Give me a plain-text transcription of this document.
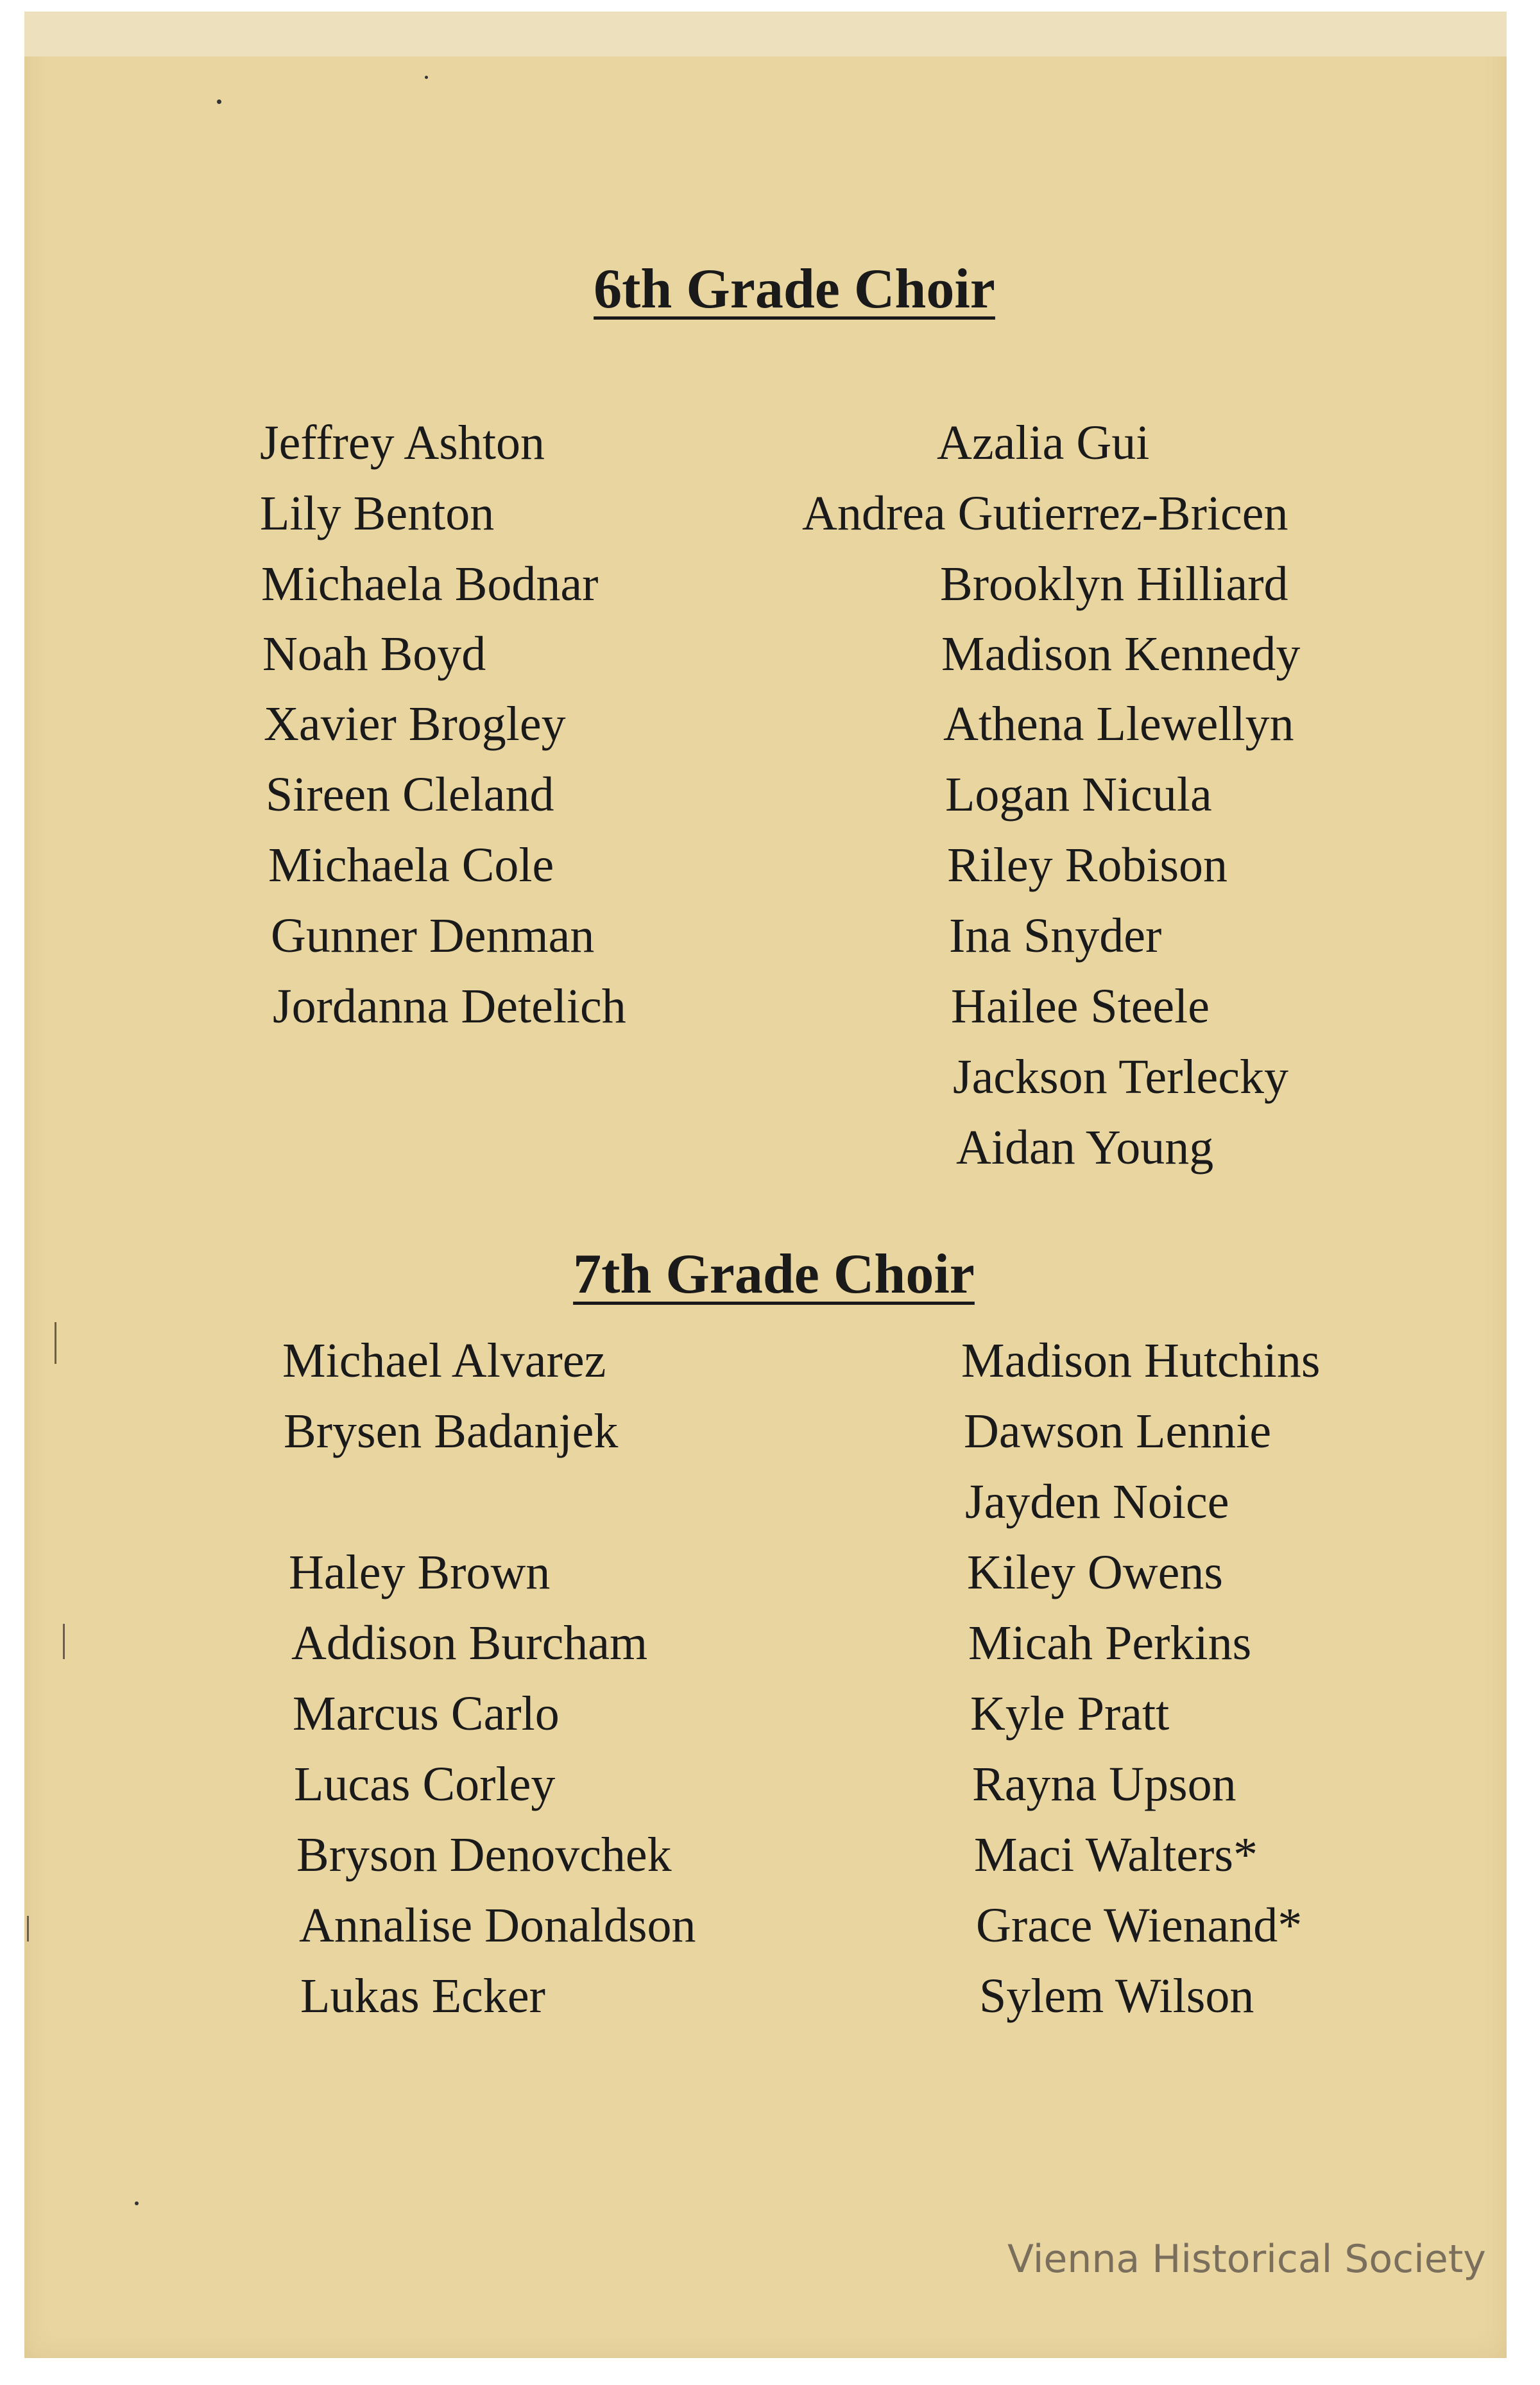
6th Grade Choir
Jeffrey Ashton
Lily Benton
Michaela Bodnar
Noah Boyd
Xavier Brogley
Sireen Cleland
Michaela Cole
Gunner Denman
Jordanna Detelich
Azalia Gui
Andrea Gutierrez-Bricen
Brooklyn Hilliard
Madison Kennedy
Athena Llewellyn
Logan Nicula
Riley Robison
Ina Snyder
Hailee Steele
Jackson Terlecky
Aidan Young
7th Grade Choir
Michael Alvarez
Brysen Badanjek
Haley Brown
Addison Burcham
Marcus Carlo
Lucas Corley
Bryson Denovchek
Annalise Donaldson
Lukas Ecker
Madison Hutchins
Dawson Lennie
Jayden Noice
Kiley Owens
Micah Perkins
Kyle Pratt
Rayna Upson
Maci Walters*
Grace Wienand*
Sylem Wilson
Vienna Historical Society
